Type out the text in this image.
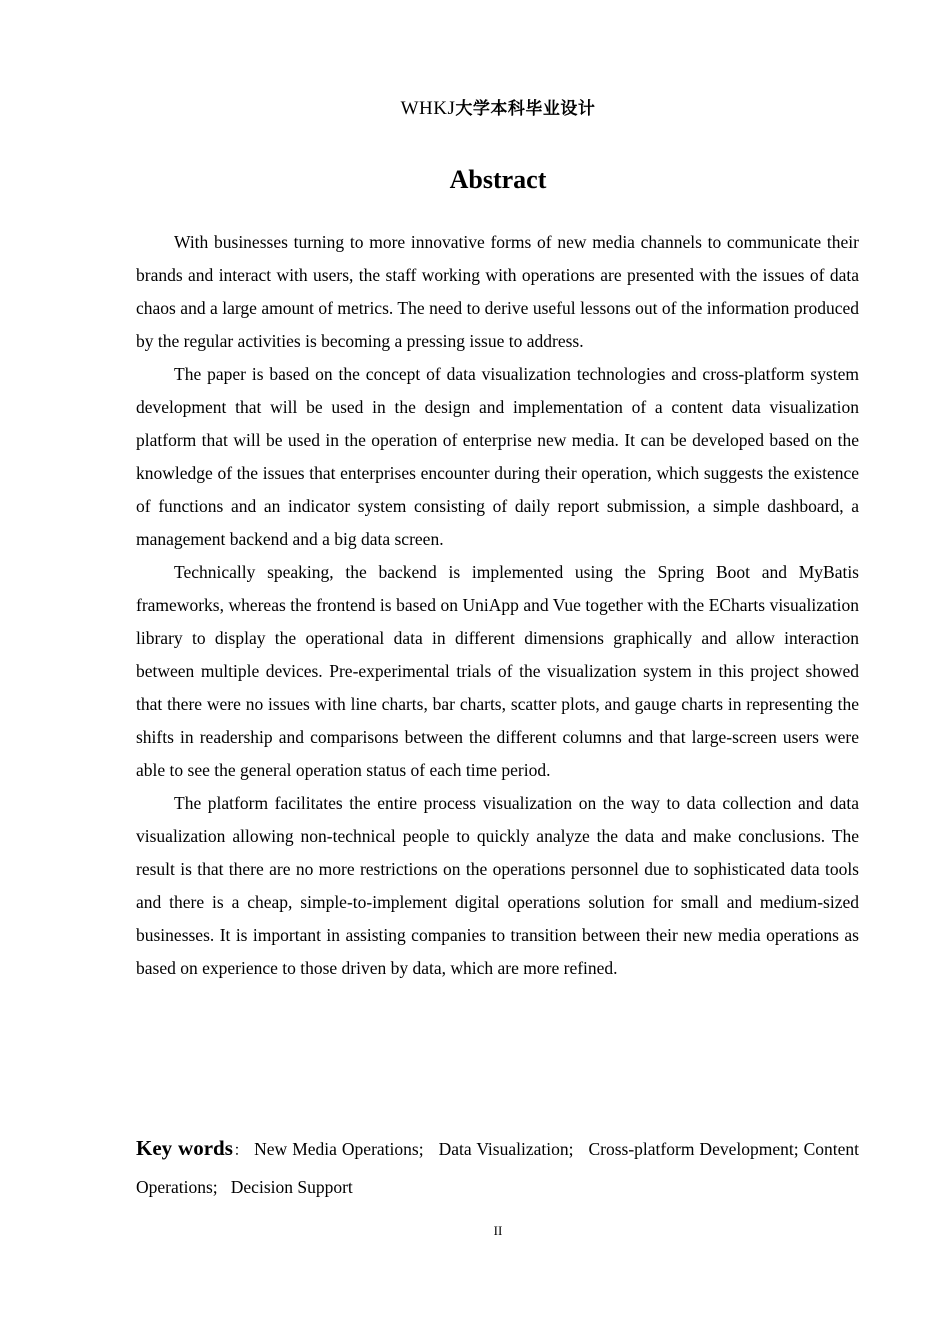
WHKJ大学本科毕业设计
Abstract

With businesses turning to more innovative forms of new media channels to communicate their brands and interact with users, the staff working with operations are presented with the issues of data chaos and a large amount of metrics. The need to derive useful lessons out of the information produced by the regular activities is becoming a pressing issue to address.

The paper is based on the concept of data visualization technologies and cross-platform system development that will be used in the design and implementation of a content data visualization platform that will be used in the operation of enterprise new media. It can be developed based on the knowledge of the issues that enterprises encounter during their operation, which suggests the existence of functions and an indicator system consisting of daily report submission, a simple dashboard, a management backend and a big data screen.

Technically speaking, the backend is implemented using the Spring Boot and MyBatis frameworks, whereas the frontend is based on UniApp and Vue together with the ECharts visualization library to display the operational data in different dimensions graphically and allow interaction between multiple devices. Pre-experimental trials of the visualization system in this project showed that there were no issues with line charts, bar charts, scatter plots, and gauge charts in representing the shifts in readership and comparisons between the different columns and that large-screen users were able to see the general operation status of each time period.

The platform facilitates the entire process visualization on the way to data collection and data visualization allowing non-technical people to quickly analyze the data and make conclusions. The result is that there are no more restrictions on the operations personnel due to sophisticated data tools and there is a cheap, simple-to-implement digital operations solution for small and medium-sized businesses. It is important in assisting companies to transition between their new media operations as based on experience to those driven by data, which are more refined.

Key words： New Media Operations; Data Visualization; Cross-platform Development; Content Operations; Decision Support
II
